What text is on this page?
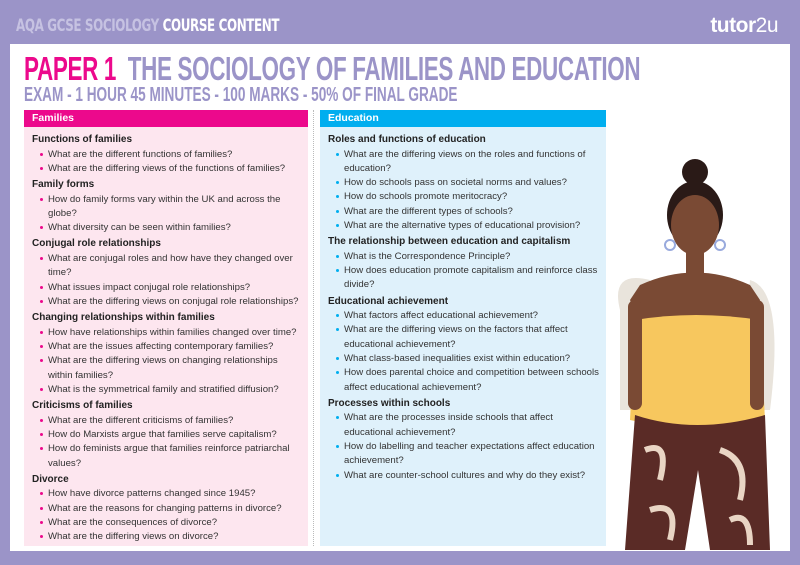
AQA GCSE SOCIOLOGY COURSE CONTENT	tutor2u
PAPER 1 THE SOCIOLOGY OF FAMILIES AND EDUCATION
EXAM - 1 HOUR 45 MINUTES - 100 MARKS - 50% OF FINAL GRADE
Families
Functions of families
What are the different functions of families?
What are the differing views of the functions of families?
Family forms
How do family forms vary within the UK and across the globe?
What diversity can be seen within families?
Conjugal role relationships
What are conjugal roles and how have they changed over time?
What issues impact conjugal role relationships?
What are the differing views on conjugal role relationships?
Changing relationships within families
How have relationships within families changed over time?
What are the issues affecting contemporary families?
What are the differing views on changing relationships within families?
What is the symmetrical family and stratified diffusion?
Criticisms of families
What are the different criticisms of families?
How do Marxists argue that families serve capitalism?
How do feminists argue that families reinforce patriarchal values?
Divorce
How have divorce patterns changed since 1945?
What are the reasons for changing patterns in divorce?
What are the consequences of divorce?
What are the differing views on divorce?
Education
Roles and functions of education
What are the differing views on the roles and functions of education?
How do schools pass on societal norms and values?
How do schools promote meritocracy?
What are the different types of schools?
What are the alternative types of educational provision?
The relationship between education and capitalism
What is the Correspondence Principle?
How does education promote capitalism and reinforce class divide?
Educational achievement
What factors affect educational achievement?
What are the differing views on the factors that affect educational achievement?
What class-based inequalities exist within education?
How does parental choice and competition between schools affect educational achievement?
Processes within schools
What are the processes inside schools that affect educational achievement?
How do labelling and teacher expectations affect education achievement?
What are counter-school cultures and why do they exist?
